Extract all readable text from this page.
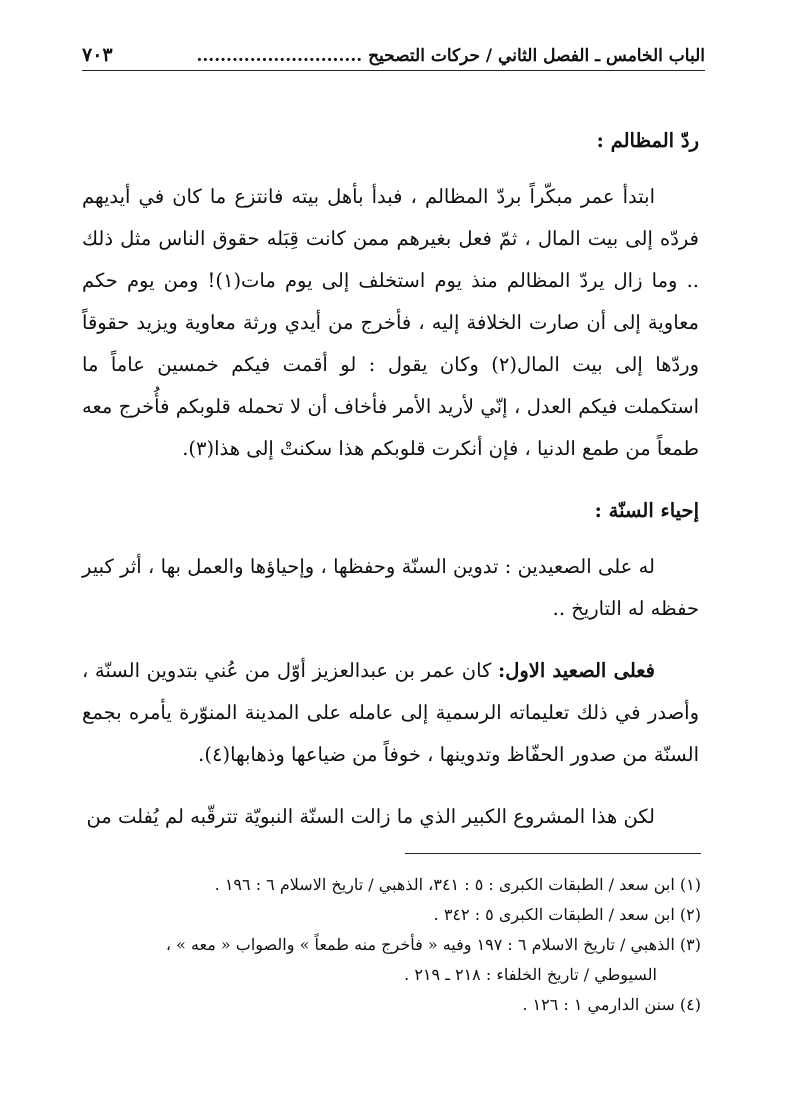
الباب الخامس ـ الفصل الثاني / حركات التصحيح ............................
٧٠٣
ردّ المظالم :

ابتدأ عمر مبكّراً بردّ المظالم ، فبدأ بأهل بيته فانتزع ما كان في أيديهم فردّه إلى بيت المال ، ثمّ فعل بغيرهم ممن كانت قِبَله حقوق الناس مثل ذلك .. وما زال يردّ المظالم منذ يوم استخلف إلى يوم مات(١)! ومن يوم حكم معاوية إلى أن صارت الخلافة إليه ، فأخرج من أيدي ورثة معاوية ويزيد حقوقاً وردّها إلى بيت المال(٢) وكان يقول : لو أقمت فيكم خمسين عاماً ما استكملت فيكم العدل ، إنّي لأريد الأمر فأخاف أن لا تحمله قلوبكم فأُخرج معه طمعاً من طمع الدنيا ، فإن أنكرت قلوبكم هذا سكنتْ إلى هذا(٣).

إحياء السنّة :

له على الصعيدين : تدوين السنّة وحفظها ، وإحياؤها والعمل بها ، أثر كبير حفظه له التاريخ ..

فعلى الصعيد الاول: كان عمر بن عبدالعزيز أوّل من عُني بتدوين السنّة ، وأصدر في ذلك تعليماته الرسمية إلى عامله على المدينة المنوّرة يأمره بجمع السنّة من صدور الحفّاظ وتدوينها ، خوفاً من ضياعها وذهابها(٤).

لكن هذا المشروع الكبير الذي ما زالت السنّة النبويّة تترقّبه لم يُفلت من

(١) ابن سعد / الطبقات الكبرى : ٥ : ٣٤١، الذهبي / تاريخ الاسلام ٦ : ١٩٦ .

(٢) ابن سعد / الطبقات الكبرى ٥ : ٣٤٢ .

(٣) الذهبي / تاريخ الاسلام ٦ : ١٩٧ وفيه « فأخرج منه طمعاً » والصواب « معه » ،

السيوطي / تاريخ الخلفاء : ٢١٨ ـ ٢١٩ .

(٤) سنن الدارمي ١ : ١٢٦ .
